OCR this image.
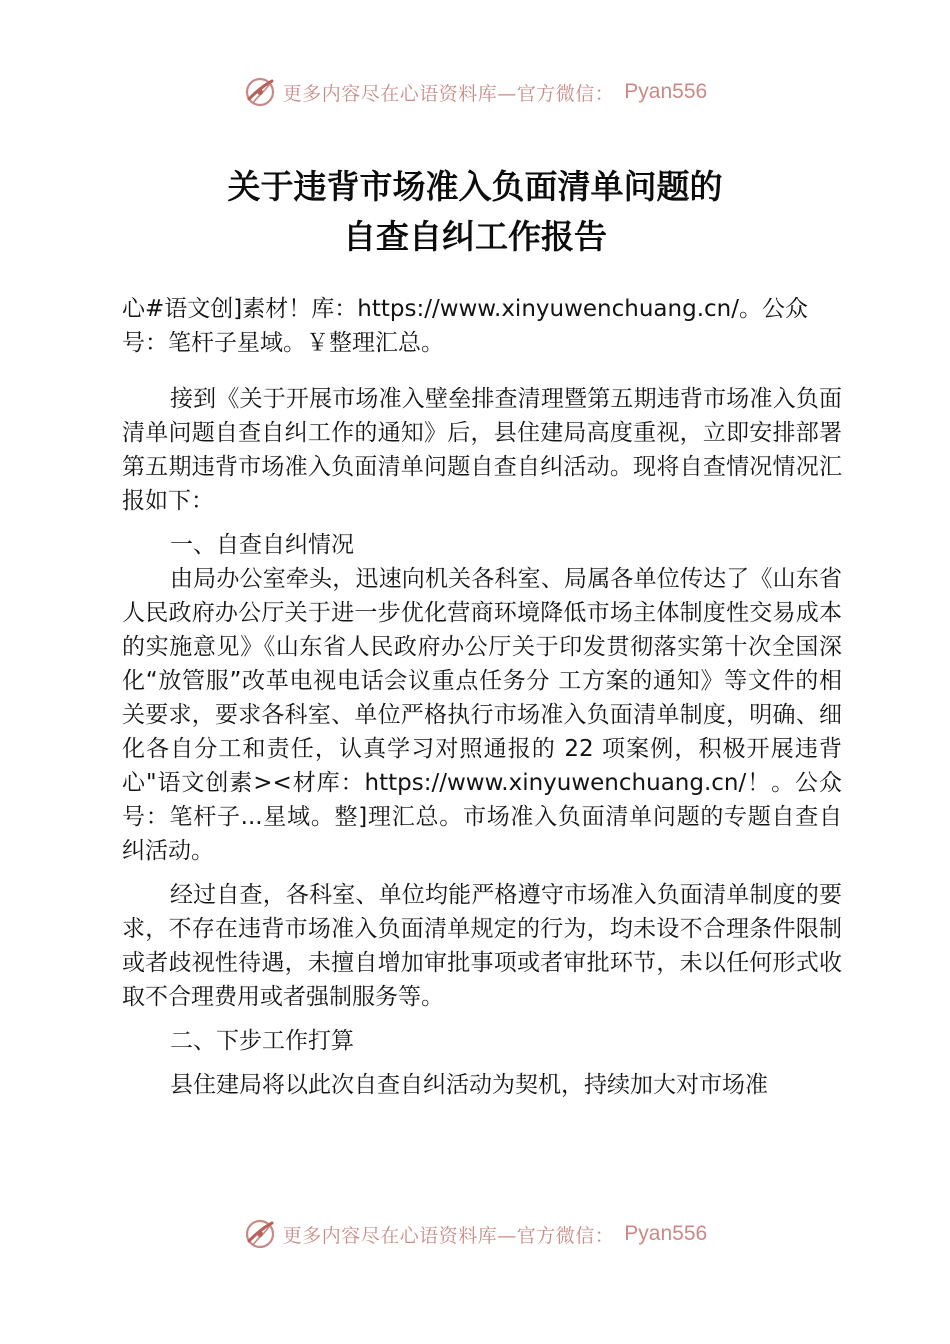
更多内容尽在心语资料库—官方微信： Pyan556
关于违背市场准入负面清单问题的
自查自纠工作报告

心#语文创]素材！库：https://www.xinyuwenchuang.cn/。公众号：笔杆子星域。￥整理汇总。

接到《关于开展市场准入壁垒排查清理暨第五期违背市场准入负面清单问题自查自纠工作的通知》后，县住建局高度重视，立即安排部署第五期违背市场准入负面清单问题自查自纠活动。现将自查情况情况汇报如下：

一、自查自纠情况

由局办公室牵头，迅速向机关各科室、局属各单位传达了《山东省人民政府办公厅关于进一步优化营商环境降低市场主体制度性交易成本的实施意见》《山东省人民政府办公厅关于印发贯彻落实第十次全国深化“放管服”改革电视电话会议重点任务分 工方案的通知》等文件的相关要求，要求各科室、单位严格执行市场准入负面清单制度，明确、细化各自分工和责任，认真学习对照通报的 22 项案例，积极开展违背心"语文创素><材库：https://www.xinyuwenchuang.cn/！。公众号：笔杆子...星域。整]理汇总。市场准入负面清单问题的专题自查自纠活动。

经过自查，各科室、单位均能严格遵守市场准入负面清单制度的要求，不存在违背市场准入负面清单规定的行为，均未设不合理条件限制或者歧视性待遇，未擅自增加审批事项或者审批环节，未以任何形式收取不合理费用或者强制服务等。

二、下步工作打算

县住建局将以此次自查自纠活动为契机，持续加大对市场准

更多内容尽在心语资料库—官方微信： Pyan556
